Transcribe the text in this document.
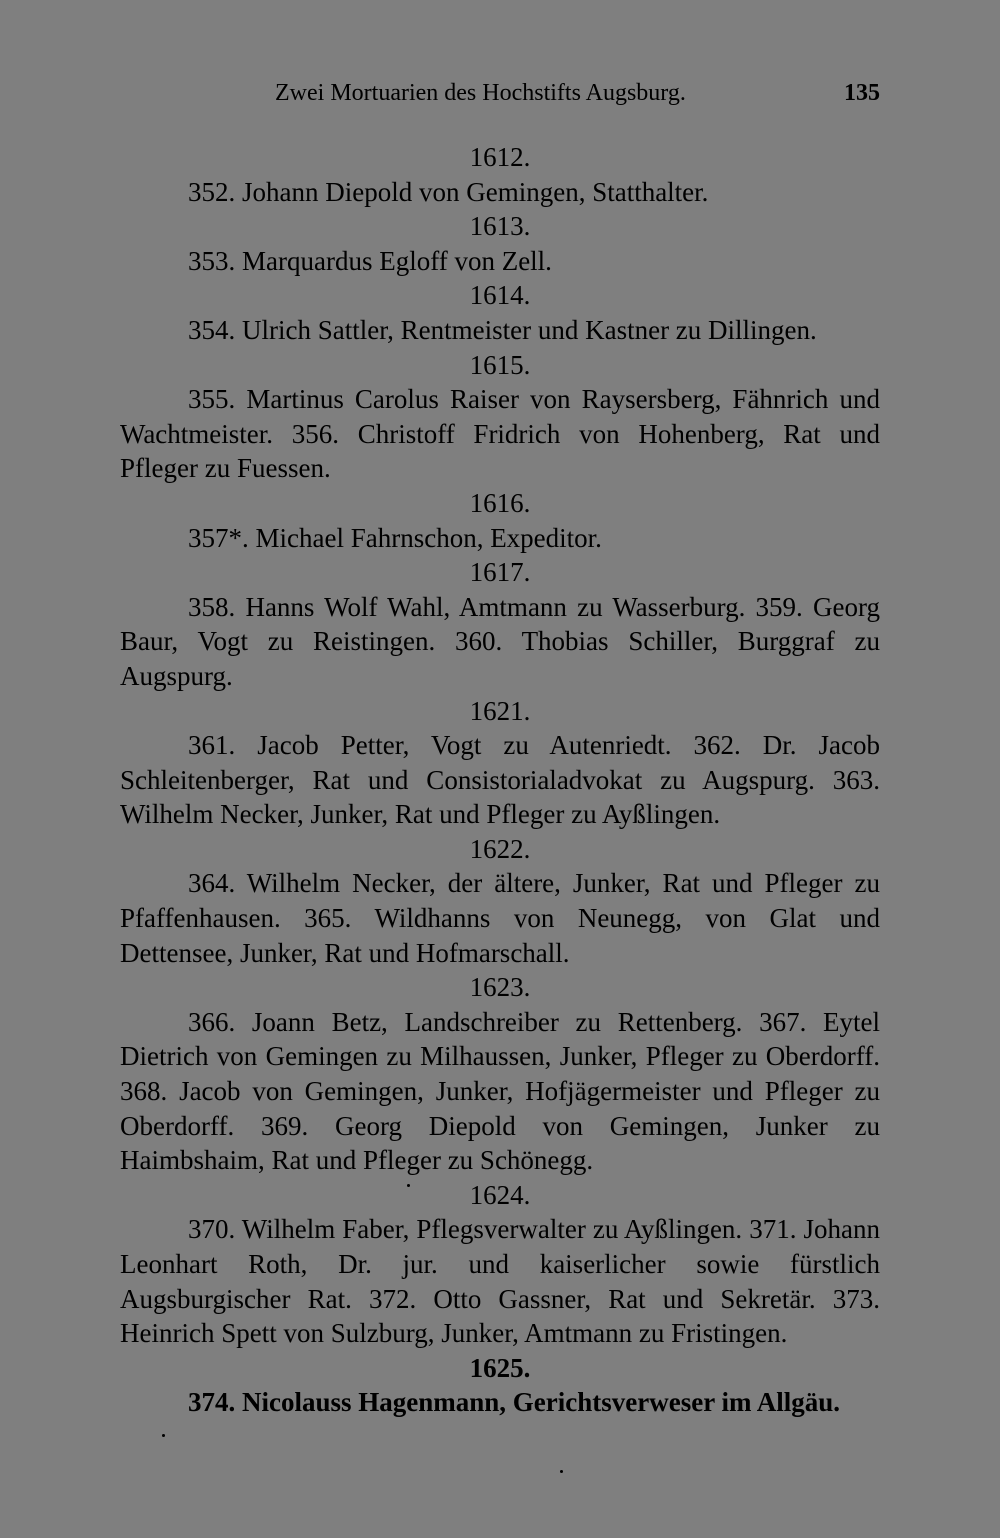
Zwei Mortuarien des Hochstifts Augsburg.	135
1612.
352. Johann Diepold von Gemingen, Statthalter.
1613.
353. Marquardus Egloff von Zell.
1614.
354. Ulrich Sattler, Rentmeister und Kastner zu Dillingen.
1615.
355. Martinus Carolus Raiser von Raysersberg, Fähnrich und Wachtmeister. 356. Christoff Fridrich von Hohenberg, Rat und Pfleger zu Fuessen.
1616.
357*. Michael Fahrnschon, Expeditor.
1617.
358. Hanns Wolf Wahl, Amtmann zu Wasserburg. 359. Georg Baur, Vogt zu Reistingen. 360. Thobias Schiller, Burggraf zu Augspurg.
1621.
361. Jacob Petter, Vogt zu Autenriedt. 362. Dr. Jacob Schleitenberger, Rat und Consistorialadvokat zu Augspurg. 363. Wilhelm Necker, Junker, Rat und Pfleger zu Ayßlingen.
1622.
364. Wilhelm Necker, der ältere, Junker, Rat und Pfleger zu Pfaffenhausen. 365. Wildhanns von Neunegg, von Glat und Dettensee, Junker, Rat und Hofmarschall.
1623.
366. Joann Betz, Landschreiber zu Rettenberg. 367. Eytel Dietrich von Gemingen zu Milhaussen, Junker, Pfleger zu Oberdorff. 368. Jacob von Gemingen, Junker, Hofjägermeister und Pfleger zu Oberdorff. 369. Georg Diepold von Gemingen, Junker zu Haimbshaim, Rat und Pfleger zu Schönegg.
1624.
370. Wilhelm Faber, Pflegsverwalter zu Ayßlingen. 371. Johann Leonhart Roth, Dr. jur. und kaiserlicher sowie fürstlich Augsburgischer Rat. 372. Otto Gassner, Rat und Sekretär. 373. Heinrich Spett von Sulzburg, Junker, Amtmann zu Fristingen.
1625.
374. Nicolauss Hagenmann, Gerichtsverweser im Allgäu.
